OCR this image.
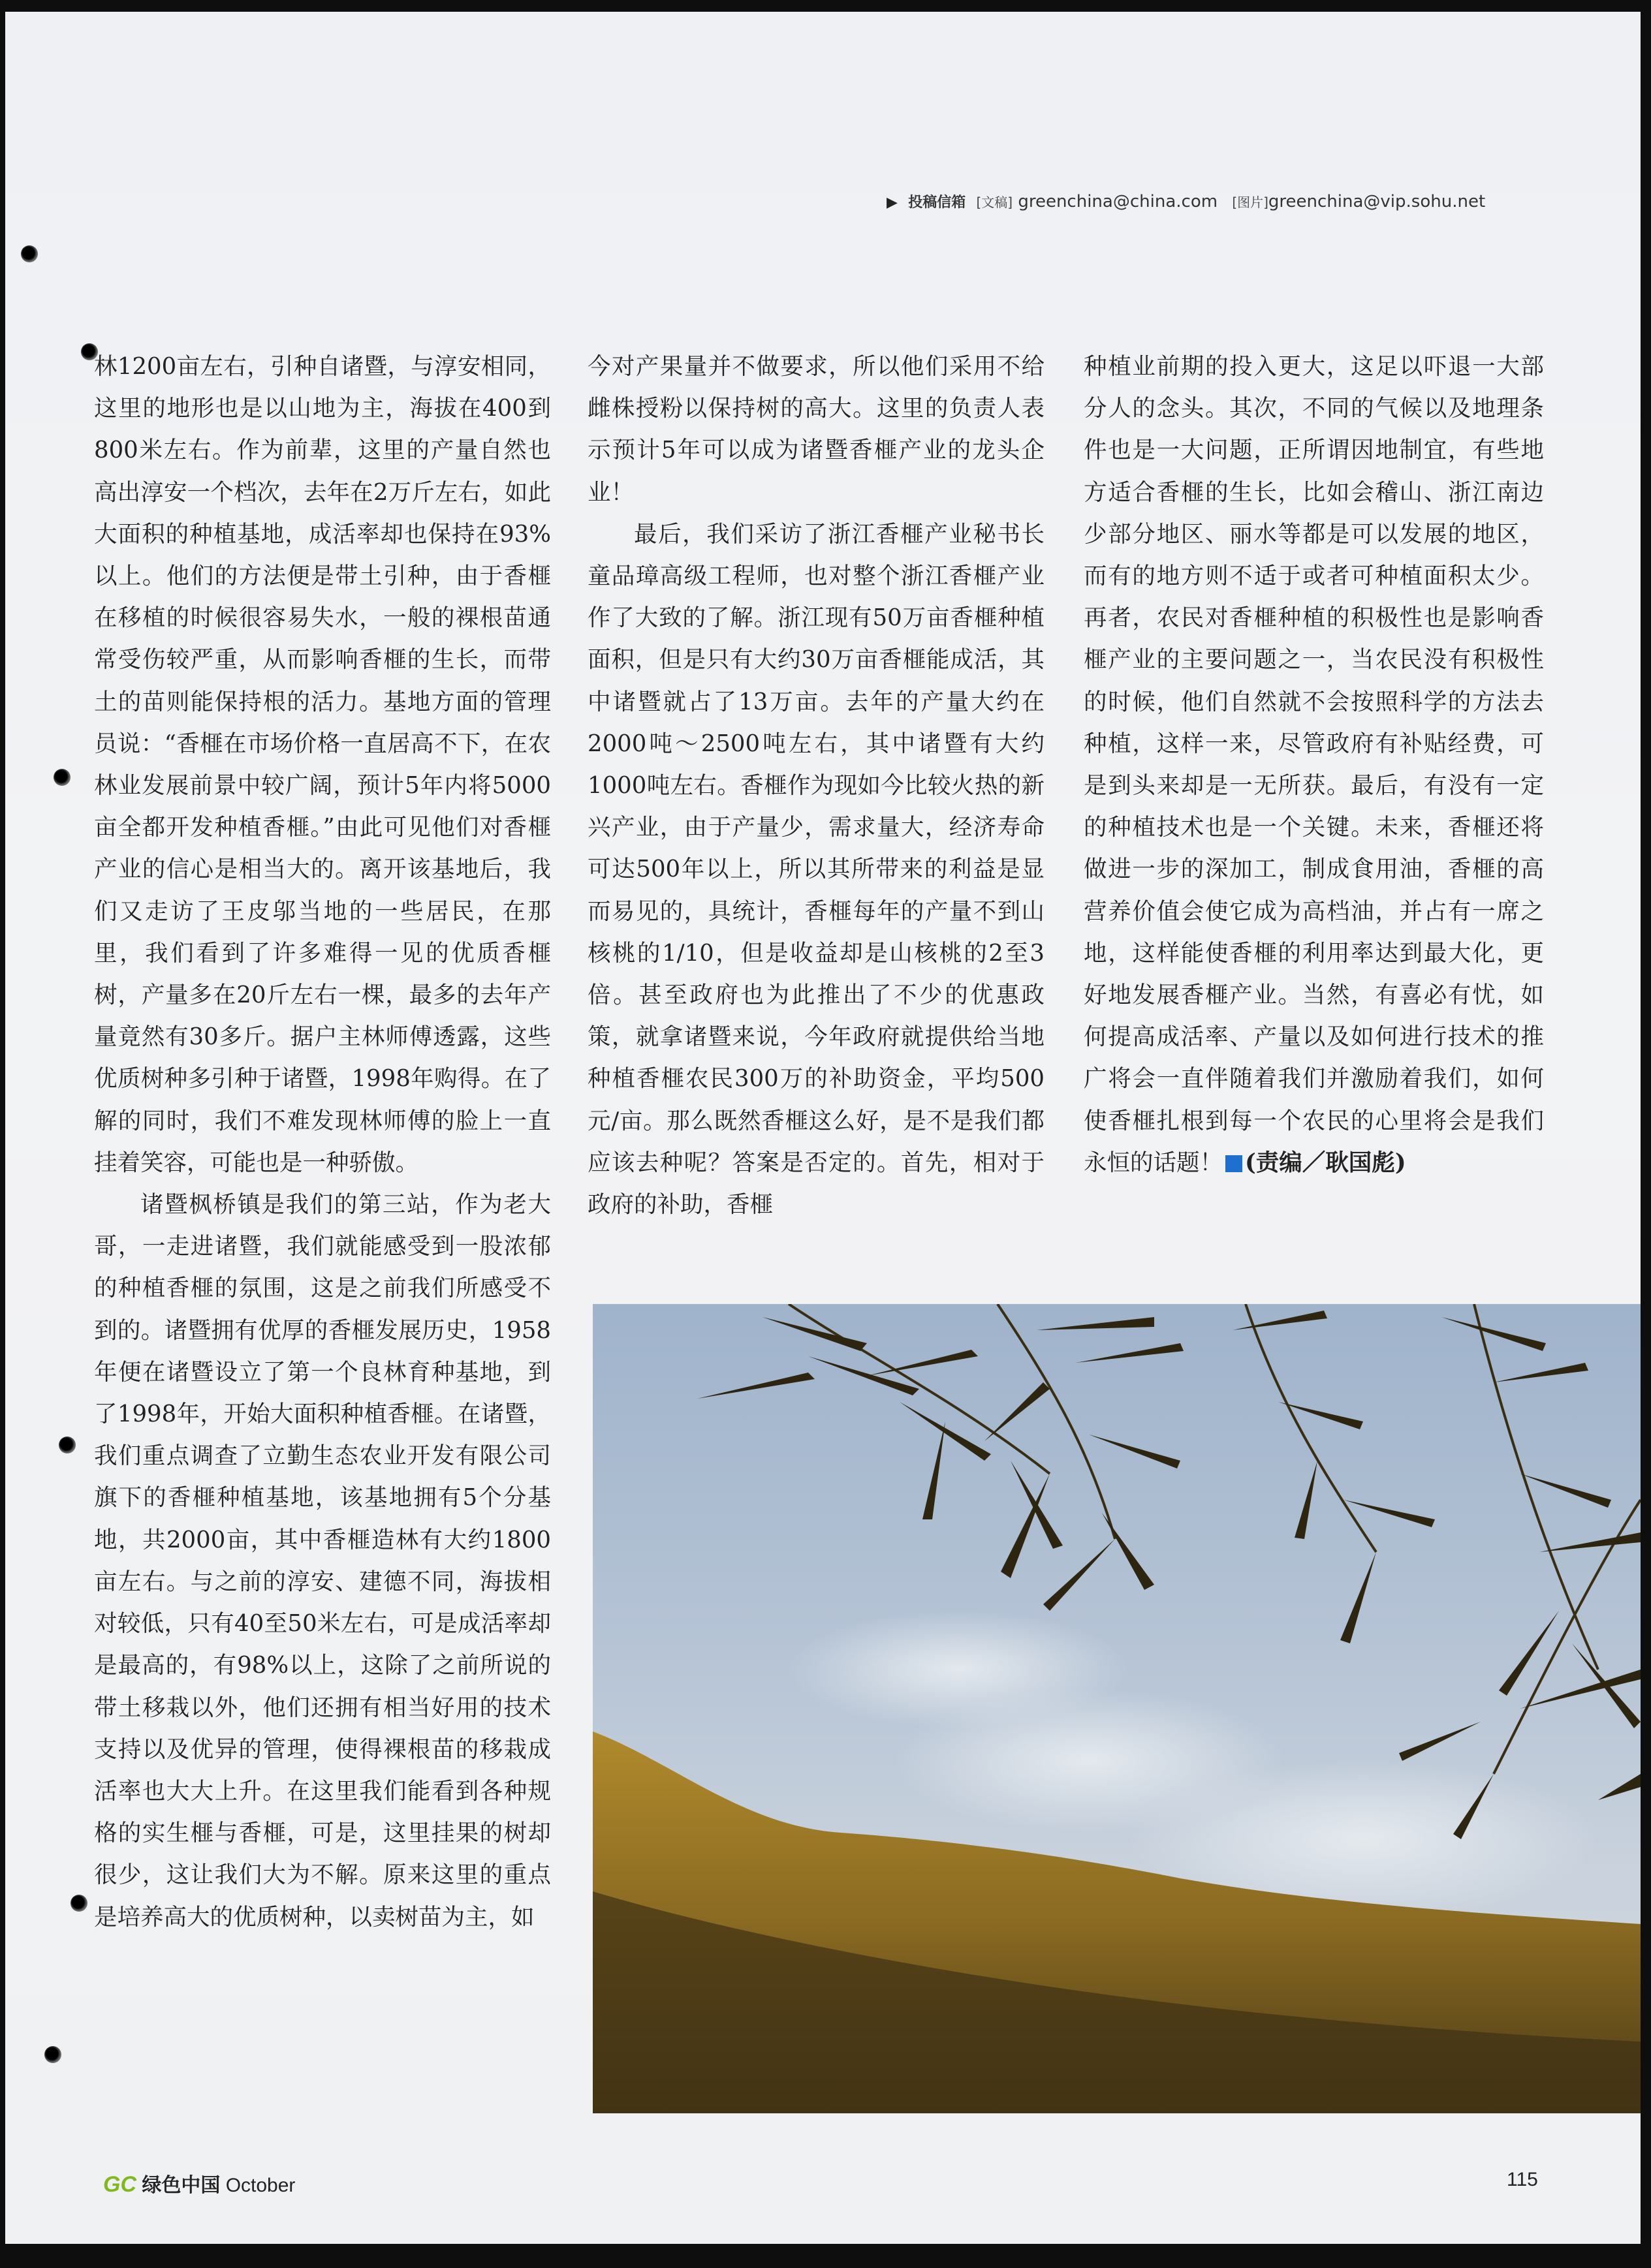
▶ 投稿信箱 [文稿] greenchina@china.com [图片]greenchina@vip.sohu.net

林1200亩左右，引种自诸暨，与淳安相同，这里的地形也是以山地为主，海拔在400到800米左右。作为前辈，这里的产量自然也高出淳安一个档次，去年在2万斤左右，如此大面积的种植基地，成活率却也保持在93%以上。他们的方法便是带土引种，由于香榧在移植的时候很容易失水，一般的裸根苗通常受伤较严重，从而影响香榧的生长，而带土的苗则能保持根的活力。基地方面的管理员说：“香榧在市场价格一直居高不下，在农林业发展前景中较广阔，预计5年内将5000亩全都开发种植香榧。”由此可见他们对香榧产业的信心是相当大的。离开该基地后，我们又走访了王皮邬当地的一些居民，在那里，我们看到了许多难得一见的优质香榧树，产量多在20斤左右一棵，最多的去年产量竟然有30多斤。据户主林师傅透露，这些优质树种多引种于诸暨，1998年购得。在了解的同时，我们不难发现林师傅的脸上一直挂着笑容，可能也是一种骄傲。

诸暨枫桥镇是我们的第三站，作为老大哥，一走进诸暨，我们就能感受到一股浓郁的种植香榧的氛围，这是之前我们所感受不到的。诸暨拥有优厚的香榧发展历史，1958年便在诸暨设立了第一个良林育种基地，到了1998年，开始大面积种植香榧。在诸暨，我们重点调查了立勤生态农业开发有限公司旗下的香榧种植基地，该基地拥有5个分基地，共2000亩，其中香榧造林有大约1800亩左右。与之前的淳安、建德不同，海拔相对较低，只有40至50米左右，可是成活率却是最高的，有98%以上，这除了之前所说的带土移栽以外，他们还拥有相当好用的技术支持以及优异的管理，使得裸根苗的移栽成活率也大大上升。在这里我们能看到各种规格的实生榧与香榧，可是，这里挂果的树却很少，这让我们大为不解。原来这里的重点是培养高大的优质树种，以卖树苗为主，如

今对产果量并不做要求，所以他们采用不给雌株授粉以保持树的高大。这里的负责人表示预计5年可以成为诸暨香榧产业的龙头企业！

最后，我们采访了浙江香榧产业秘书长童品璋高级工程师，也对整个浙江香榧产业作了大致的了解。浙江现有50万亩香榧种植面积，但是只有大约30万亩香榧能成活，其中诸暨就占了13万亩。去年的产量大约在2000吨～2500吨左右，其中诸暨有大约1000吨左右。香榧作为现如今比较火热的新兴产业，由于产量少，需求量大，经济寿命可达500年以上，所以其所带来的利益是显而易见的，具统计，香榧每年的产量不到山核桃的1/10，但是收益却是山核桃的2至3倍。甚至政府也为此推出了不少的优惠政策，就拿诸暨来说，今年政府就提供给当地种植香榧农民300万的补助资金，平均500元/亩。那么既然香榧这么好，是不是我们都应该去种呢？答案是否定的。首先，相对于政府的补助，香榧

种植业前期的投入更大，这足以吓退一大部分人的念头。其次，不同的气候以及地理条件也是一大问题，正所谓因地制宜，有些地方适合香榧的生长，比如会稽山、浙江南边少部分地区、丽水等都是可以发展的地区，而有的地方则不适于或者可种植面积太少。再者，农民对香榧种植的积极性也是影响香榧产业的主要问题之一，当农民没有积极性的时候，他们自然就不会按照科学的方法去种植，这样一来，尽管政府有补贴经费，可是到头来却是一无所获。最后，有没有一定的种植技术也是一个关键。未来，香榧还将做进一步的深加工，制成食用油，香榧的高营养价值会使它成为高档油，并占有一席之地，这样能使香榧的利用率达到最大化，更好地发展香榧产业。当然，有喜必有忧，如何提高成活率、产量以及如何进行技术的推广将会一直伴随着我们并激励着我们，如何使香榧扎根到每一个农民的心里将会是我们永恒的话题！ (责编／耿国彪)

GC 绿色中国 October	115
